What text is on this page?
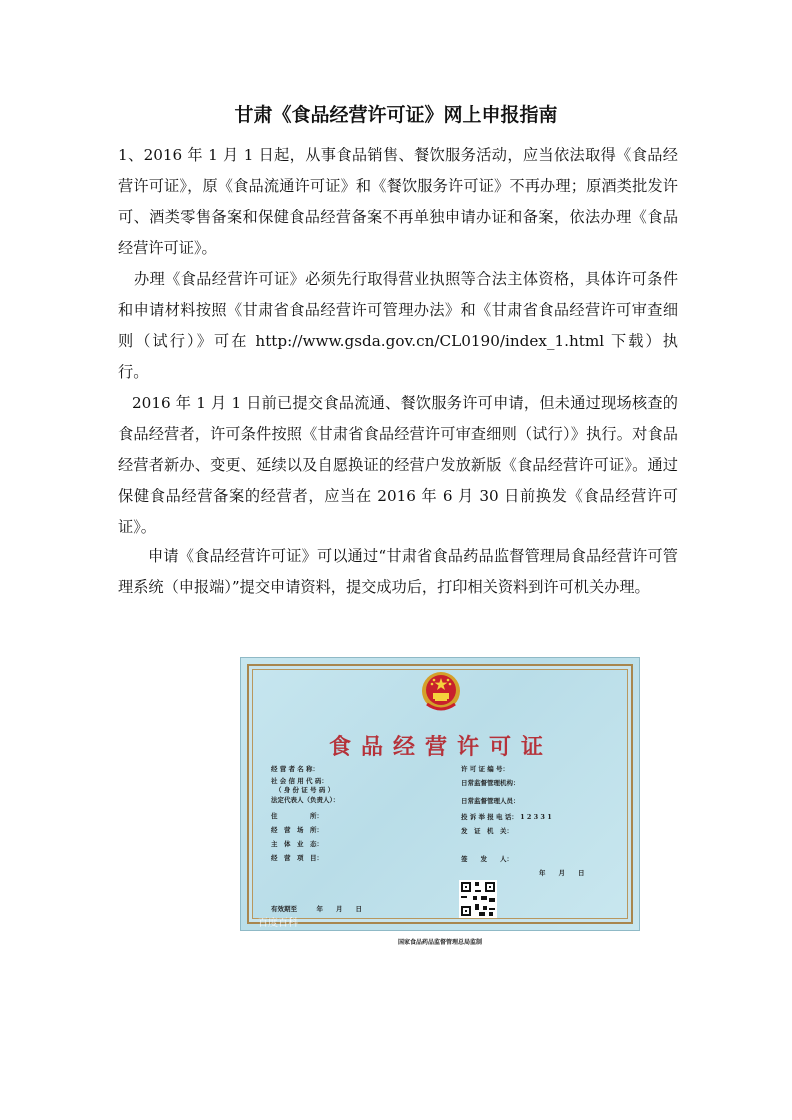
甘肃《食品经营许可证》网上申报指南
1、2016 年 1 月 1 日起，从事食品销售、餐饮服务活动，应当依法取得《食品经营许可证》，原《食品流通许可证》和《餐饮服务许可证》不再办理；原酒类批发许可、酒类零售备案和保健食品经营备案不再单独申请办证和备案，依法办理《食品经营许可证》。
办理《食品经营许可证》必须先行取得营业执照等合法主体资格，具体许可条件和申请材料按照《甘肃省食品经营许可管理办法》和《甘肃省食品经营许可审查细则（试行）》可在 http://www.gsda.gov.cn/CL0190/index_1.html 下载）执行。
2016 年 1 月 1 日前已提交食品流通、餐饮服务许可申请，但未通过现场核查的食品经营者，许可条件按照《甘肃省食品经营许可审查细则（试行）》执行。对食品经营者新办、变更、延续以及自愿换证的经营户发放新版《食品经营许可证》。通过保健食品经营备案的经营者，应当在 2016 年 6 月 30 日前换发《食品经营许可证》。
申请《食品经营许可证》可以通过“甘肃省食品药品监督管理局食品经营许可管理系统（申报端）”提交申请资料，提交成功后，打印相关资料到许可机关办理。
食品经营许可证
经 营 者 名 称：
社 会 信 用 代 码：
（ 身 份 证 号 码 ）
法定代表人（负责人）：
住　　　　　所：
经　营　场　所：
主　体　业　态：
经　营　项　目：
许 可 证 编 号：
日常监督管理机构：
日常监督管理人员：
投 诉 举 报 电 话： 1 2 3 3 1
发　证　机　关：
签　　发　　人：
年　　月　　日
有效期至　　　年　　月　　日
百度百科
国家食品药品监督管理总局监制
